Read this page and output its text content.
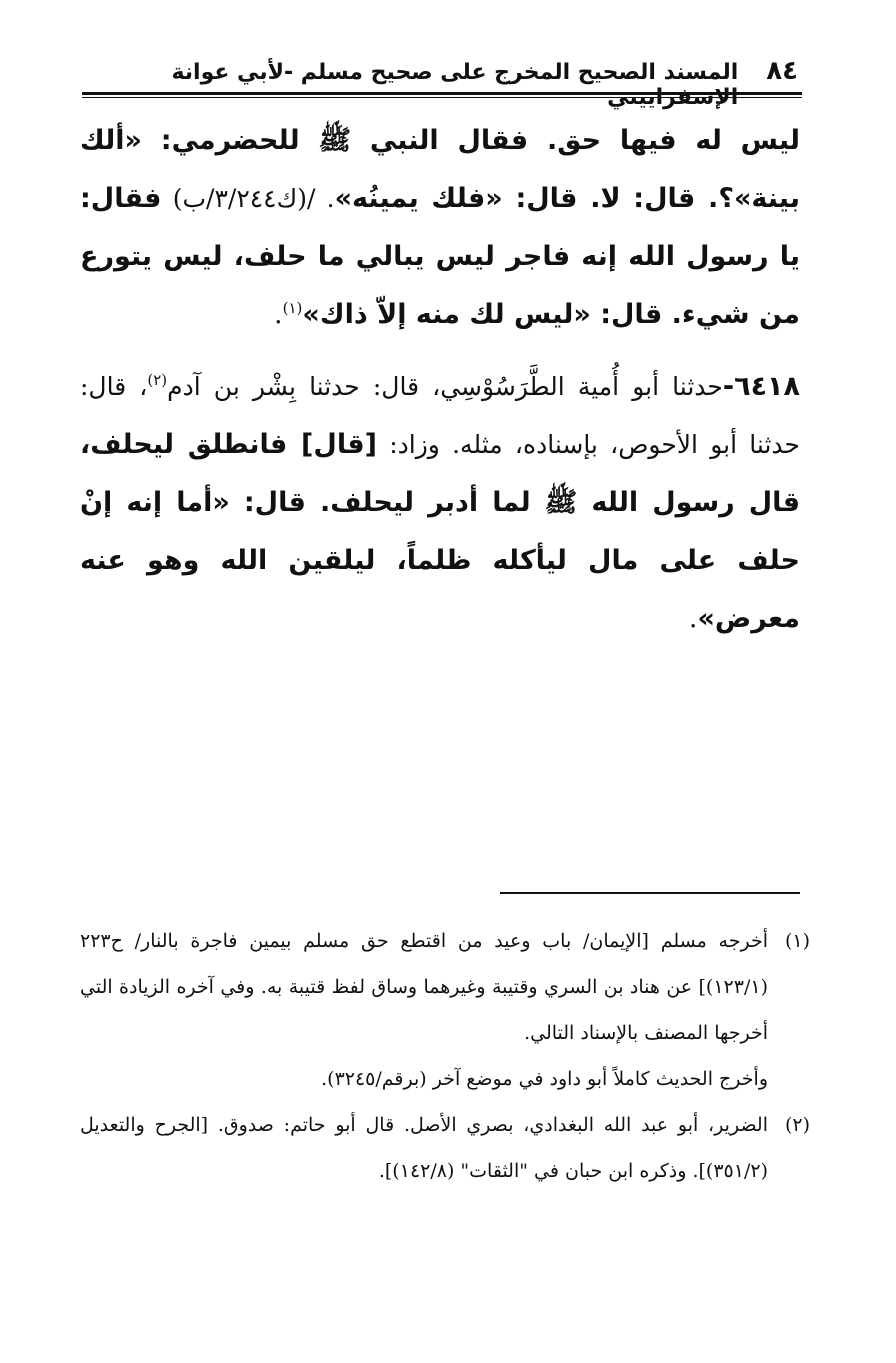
٨٤
المسند الصحيح المخرج على صحيح مسلم -لأبي عوانة

ليس له فيها حق. فقال النبي ﷺ للحضرمي: «ألك بينة»؟. قال: لا. قال: «فلك يمينُه». /(ك٣/٢٤٤/ب) فقال: يا رسول الله إنه فاجر ليس يبالي ما حلف، ليس يتورع من شيء. قال: «ليس لك منه إلاّ ذاك»$^{(١)}$.

٦٤١٨-حدثنا أبو أُمية الطَّرَسُوْسِي، قال: حدثنا بِشْر بن آدم$^{(٢)}$، قال: حدثنا أبو الأحوص، بإسناده، مثله. وزاد: [قال] فانطلق ليحلف، قال رسول الله ﷺ لما أدبر ليحلف. قال: «أما إنه إنْ حلف على مال ليأكله ظلماً، ليلقين الله وهو عنه معرض».

(١)
أخرجه مسلم [الإيمان/ باب وعيد من اقتطع حق مسلم بيمين فاجرة بالنار/ ح٢٢٣ (١٢٣/١)] عن هناد بن السري وقتيبة وغيرهما وساق لفظ قتيبة به. وفي آخره الزيادة التي أخرجها المصنف بالإسناد التالي.

وأخرج الحديث كاملاً أبو داود في موضع آخر (برقم/٣٢٤٥).

(٢)
الضرير، أبو عبد الله البغدادي، بصري الأصل. قال أبو حاتم: صدوق. [الجرح والتعديل (٣٥١/٢)]. وذكره ابن حبان في "الثقات" (١٤٢/٨)].
